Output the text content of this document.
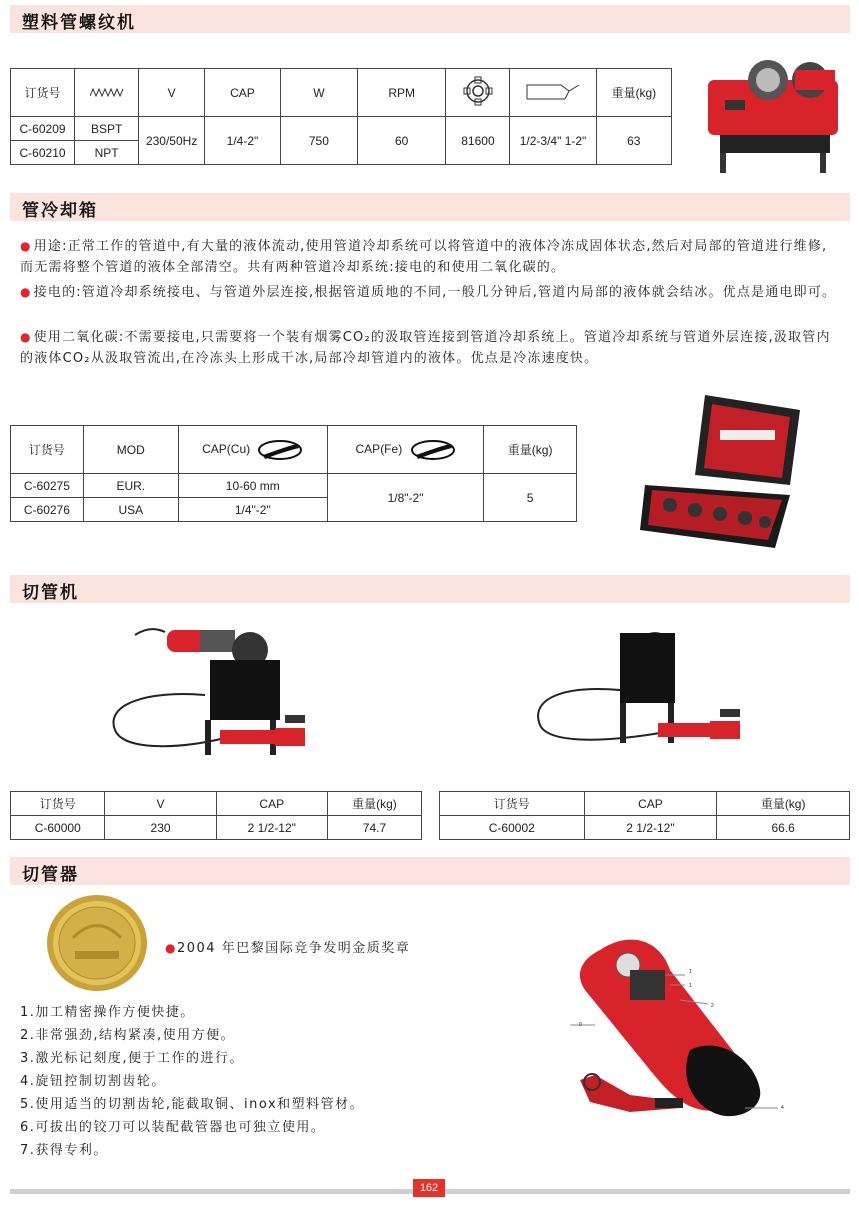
塑料管螺纹机
订货号		V	CAP	W	RPM			重量(kg)
C-60209	BSPT	230/50Hz	1/4-2"	750	60	81600	1/2-3/4" 1-2"	63
C-60210	NPT							
管冷却箱
● 用途:正常工作的管道中,有大量的液体流动,使用管道冷却系统可以将管道中的液体冷冻成固体状态,然后对局部的管道进行维修,而无需将整个管道的液体全部清空。共有两种管道冷却系统:接电的和使用二氧化碳的。
● 接电的:管道冷却系统接电、与管道外层连接,根据管道质地的不同,一般几分钟后,管道内局部的液体就会结冰。优点是通电即可。
● 使用二氧化碳:不需要接电,只需要将一个装有烟雾CO₂的汲取管连接到管道冷却系统上。管道冷却系统与管道外层连接,汲取管内的液体CO₂从汲取管流出,在冷冻头上形成干冰,局部冷却管道内的液体。优点是冷冻速度快。
订货号	MOD	CAP(Cu)	CAP(Fe)	重量(kg)
C-60275	EUR.	10-60 mm	1/8"-2"	5
C-60276	USA	1/4"-2"		
切管机
订货号	V	CAP	重量(kg)
C-60000	230	2 1/2-12"	74.7
订货号	CAP	重量(kg)
C-60002	2 1/2-12"	66.6
切管器
●2004 年巴黎国际竞争发明金质奖章
1.加工精密操作方便快捷。
2.非常强劲,结构紧凑,使用方便。
3.激光标记刻度,便于工作的进行。
4.旋钮控制切割齿轮。
5.使用适当的切割齿轮,能截取铜、inox和塑料管材。
6.可拔出的铰刀可以装配截管器也可独立使用。
7.获得专利。
1
1
2
0
4
162
